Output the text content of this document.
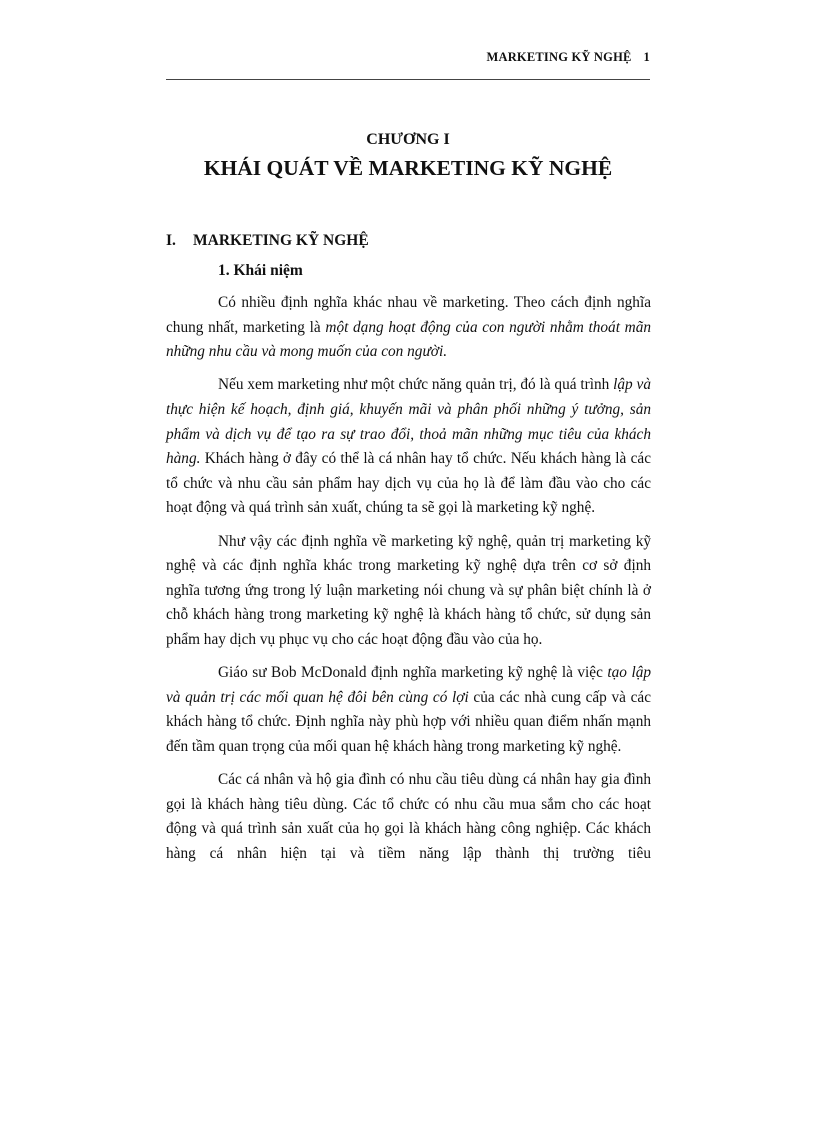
MARKETING KỸ NGHỆ 1
CHƯƠNG I
KHÁI QUÁT VỀ MARKETING KỸ NGHỆ
I. MARKETING KỸ NGHỆ
1. Khái niệm

Có nhiều định nghĩa khác nhau về marketing. Theo cách định nghĩa chung nhất, marketing là một dạng hoạt động của con người nhằm thoát mãn những nhu cầu và mong muốn của con người.

Nếu xem marketing như một chức năng quản trị, đó là quá trình lập và thực hiện kế hoạch, định giá, khuyến mãi và phân phối những ý tưởng, sản phẩm và dịch vụ để tạo ra sự trao đổi, thoả mãn những mục tiêu của khách hàng. Khách hàng ở đây có thể là cá nhân hay tổ chức. Nếu khách hàng là các tổ chức và nhu cầu sản phẩm hay dịch vụ của họ là để làm đầu vào cho các hoạt động và quá trình sản xuất, chúng ta sẽ gọi là marketing kỹ nghệ.

Như vậy các định nghĩa về marketing kỹ nghệ, quản trị marketing kỹ nghệ và các định nghĩa khác trong marketing kỹ nghệ dựa trên cơ sở định nghĩa tương ứng trong lý luận marketing nói chung và sự phân biệt chính là ở chỗ khách hàng trong marketing kỹ nghệ là khách hàng tổ chức, sử dụng sản phẩm hay dịch vụ phục vụ cho các hoạt động đầu vào của họ.

Giáo sư Bob McDonald định nghĩa marketing kỹ nghệ là việc tạo lập và quản trị các mối quan hệ đôi bên cùng có lợi của các nhà cung cấp và các khách hàng tổ chức. Định nghĩa này phù hợp với nhiều quan điểm nhấn mạnh đến tầm quan trọng của mối quan hệ khách hàng trong marketing kỹ nghệ.

Các cá nhân và hộ gia đình có nhu cầu tiêu dùng cá nhân hay gia đình gọi là khách hàng tiêu dùng. Các tổ chức có nhu cầu mua sắm cho các hoạt động và quá trình sản xuất của họ gọi là khách hàng công nghiệp. Các khách hàng cá nhân hiện tại và tiềm năng lập thành thị trường tiêu
